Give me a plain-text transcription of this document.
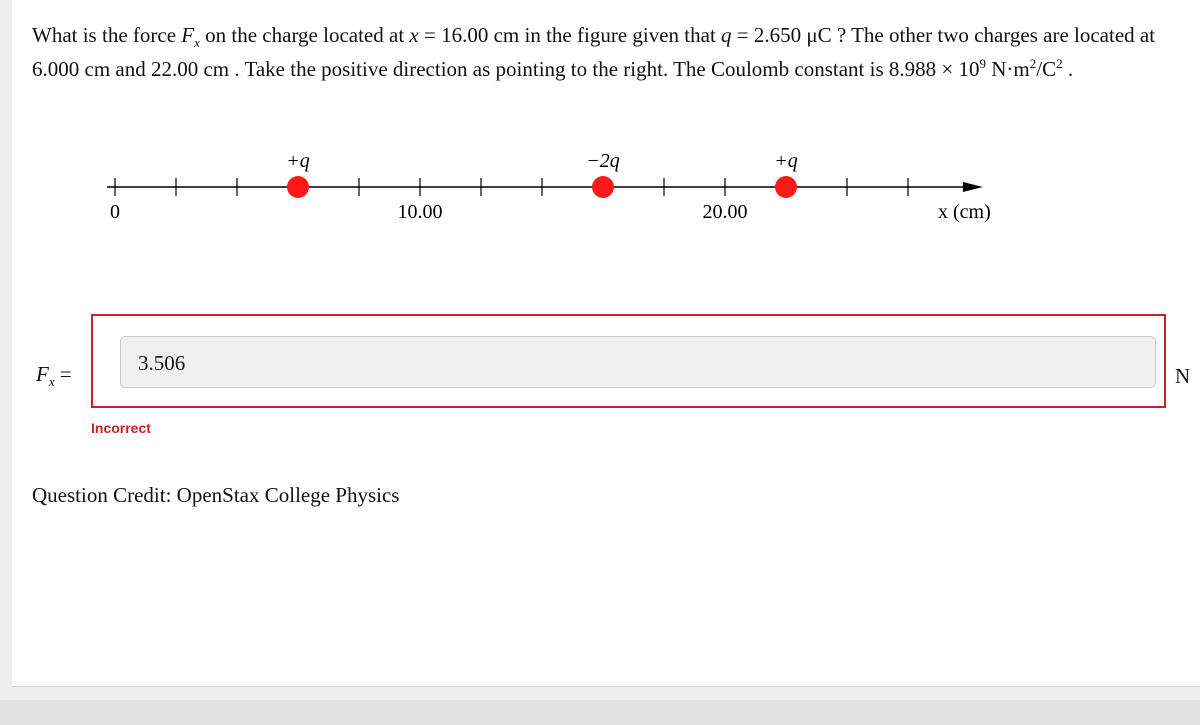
What is the force $F_x$ on the charge located at x = 16.00 cm in the figure given that q = 2.650 μC ? The other two charges are located at 6.000 cm and 22.00 cm . Take the positive direction as pointing to the right. The Coulomb constant is $8.988 \times 10^9$ $N\cdot m^2/C^2$ .
0	10.00	20.00
+q	−2q	+q
x (cm)
$F_x$ =	3.506
N
Incorrect
Question Credit: OpenStax College Physics
